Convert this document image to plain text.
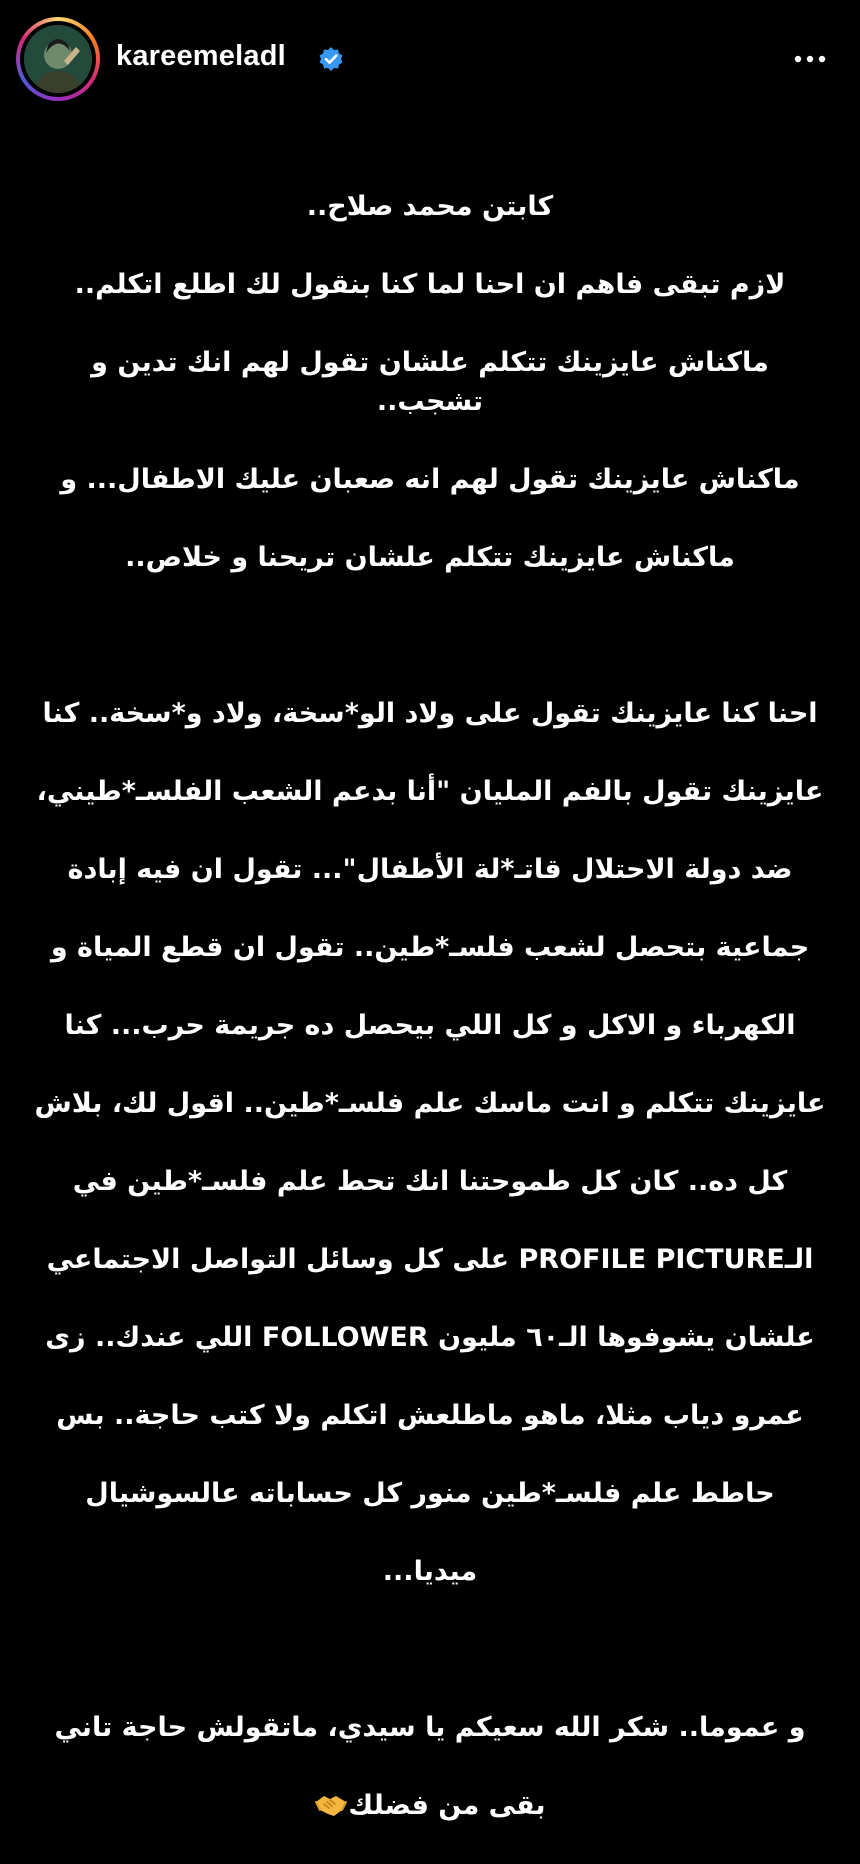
kareemeladl

كابتن محمد صلاح..

لازم تبقى فاهم ان احنا لما كنا بنقول لك اطلع اتكلم..

ماكناش عايزينك تتكلم علشان تقول لهم انك تدين و تشجب..

ماكناش عايزينك تقول لهم انه صعبان عليك الاطفال... و

ماكناش عايزينك تتكلم علشان تريحنا و خلاص..

احنا كنا عايزينك تقول على ولاد الو*سخة، ولاد و*سخة.. كنا

عايزينك تقول بالفم المليان "أنا بدعم الشعب الفلسـ*طيني،

ضد دولة الاحتلال قاتـ*لة الأطفال"... تقول ان فيه إبادة

جماعية بتحصل لشعب فلسـ*طين.. تقول ان قطع المياة و

الكهرباء و الاكل و كل اللي بيحصل ده جريمة حرب... كنا

عايزينك تتكلم و انت ماسك علم فلسـ*طين.. اقول لك، بلاش

كل ده.. كان كل طموحتنا انك تحط علم فلسـ*طين في

الـPROFILE PICTURE على كل وسائل التواصل الاجتماعي

علشان يشوفوها الـ٦٠ مليون FOLLOWER اللي عندك.. زى

عمرو دياب مثلا، ماهو ماطلعش اتكلم ولا كتب حاجة.. بس

حاطط علم فلسـ*طين منور كل حساباته عالسوشيال

ميديا...

و عموما.. شكر الله سعيكم يا سيدي، ماتقولش حاجة تاني

بقى من فضلك
